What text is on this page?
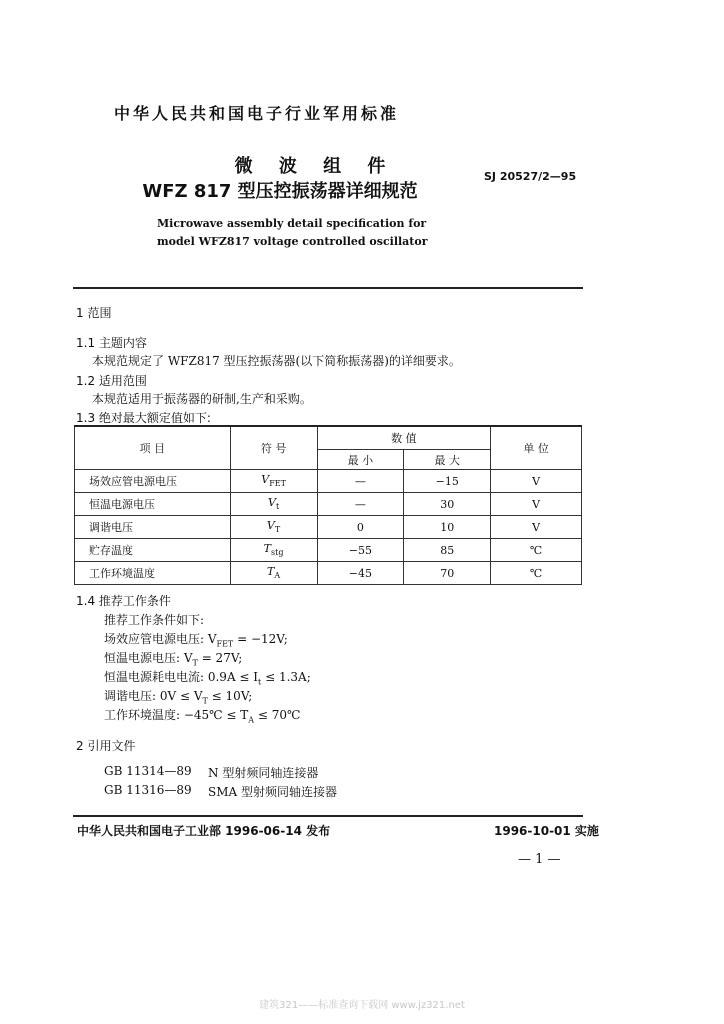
中华人民共和国电子行业军用标准
微 波 组 件
WFZ 817 型压控振荡器详细规范
SJ 20527/2—95
Microwave assembly detail specification for
model WFZ817 voltage controlled oscillator
1 范围
1.1 主题内容
本规范规定了 WFZ817 型压控振荡器(以下简称振荡器)的详细要求。
1.2 适用范围
本规范适用于振荡器的研制,生产和采购。
1.3 绝对最大额定值如下:
项 目	符 号	数 值		单 位
		最 小	最 大	
场效应管电源电压	$V_{FET}$	—	−15	V
恒温电源电压	$V_t$	—	30	V
调谐电压	$V_T$	0	10	V
贮存温度	$T_{stg}$	−55	85	℃
工作环境温度	$T_A$	−45	70	℃
1.4 推荐工作条件
推荐工作条件如下:
场效应管电源电压: $V_{FET} = -12V$;
恒温电源电压: $V_T = 27V$;
恒温电源耗电电流: $0.9A \le I_t \le 1.3A$;
调谐电压: $0V \le V_T \le 10V$;
工作环境温度: −45℃ ≤ $T_A$ ≤ 70℃
2 引用文件
GB 11314—89 N 型射频同轴连接器
GB 11316—89 SMA 型射频同轴连接器
中华人民共和国电子工业部 1996-06-14 发布	1996-10-01 实施
— 1 —
建筑321——标准查询下载网 www.jz321.net
